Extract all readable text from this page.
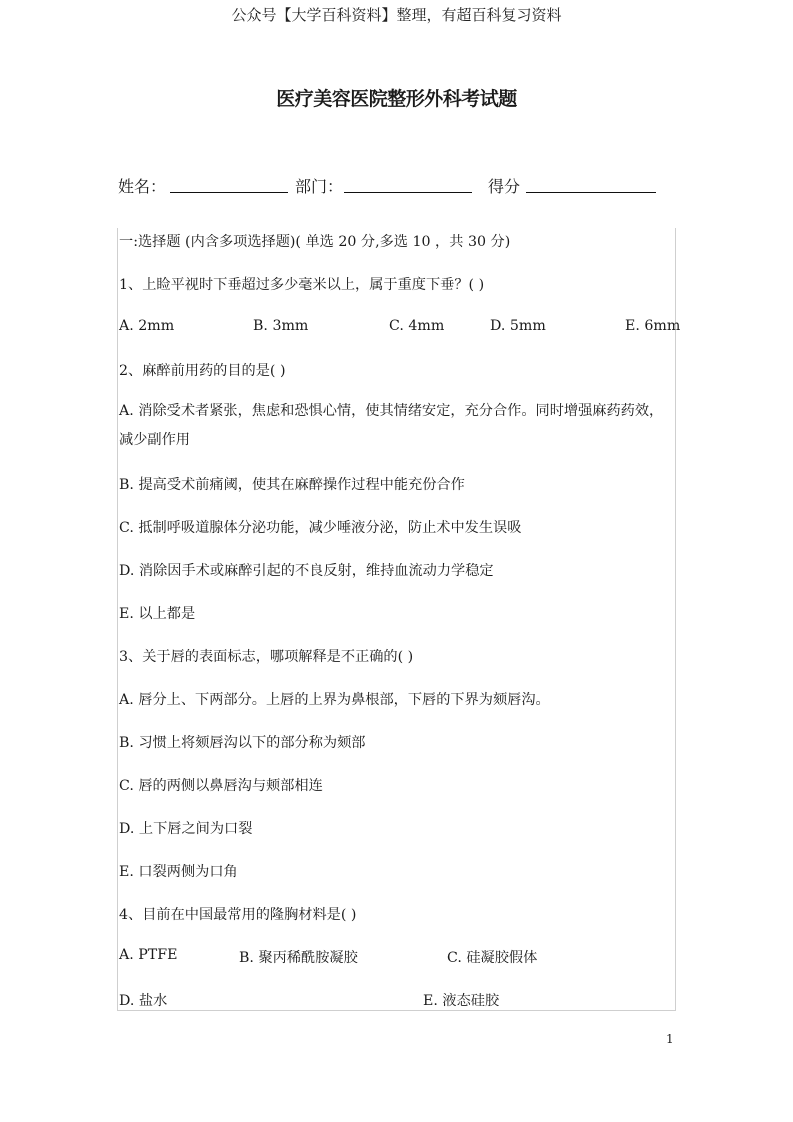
公众号【大学百科资料】整理，有超百科复习资料
医疗美容医院整形外科考试题
姓名：	部门：	得分
一:选择题 (内含多项选择题)( 单选 20 分,多选 10 ，共 30 分)
1、上睑平视时下垂超过多少毫米以上，属于重度下垂？( )
A. 2mm	B. 3mm	C. 4mm	D. 5mm	E. 6mm
2、麻醉前用药的目的是( )
A. 消除受术者紧张，焦虑和恐惧心情，使其情绪安定，充分合作。同时增强麻药药效，减少副作用
B. 提高受术前痛阈，使其在麻醉操作过程中能充份合作
C. 抵制呼吸道腺体分泌功能，减少唾液分泌，防止术中发生误吸
D. 消除因手术或麻醉引起的不良反射，维持血流动力学稳定
E. 以上都是
3、关于唇的表面标志，哪项解释是不正确的( )
A. 唇分上、下两部分。上唇的上界为鼻根部，下唇的下界为颏唇沟。
B. 习惯上将颏唇沟以下的部分称为颏部
C. 唇的两侧以鼻唇沟与颊部相连
D. 上下唇之间为口裂
E. 口裂两侧为口角
4、目前在中国最常用的隆胸材料是( )
A. PTFE	B. 聚丙稀酰胺凝胶	C. 硅凝胶假体
D. 盐水	E. 液态硅胶
1
